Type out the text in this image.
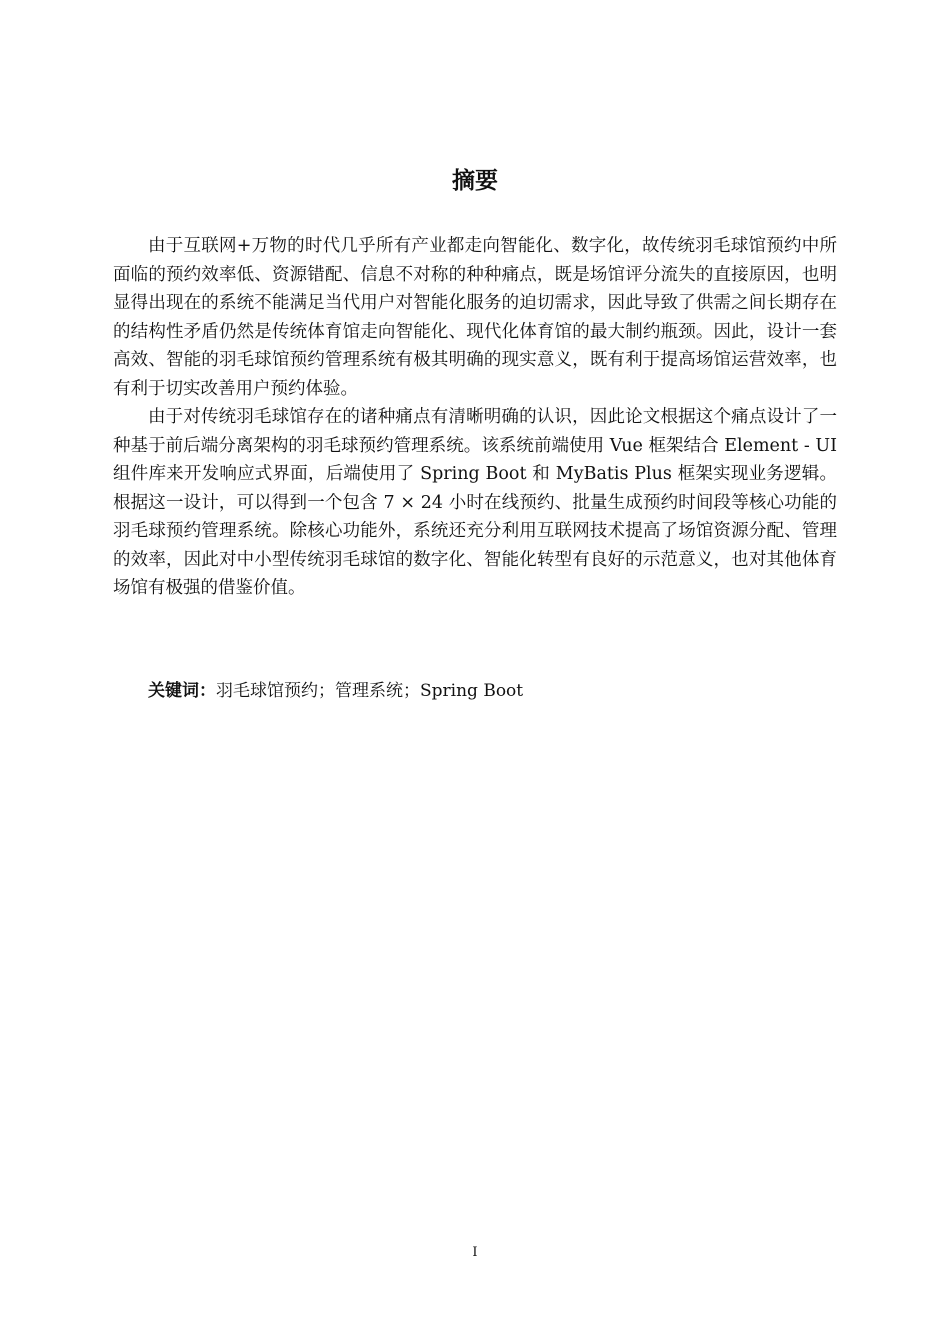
摘要

由于互联网+万物的时代几乎所有产业都走向智能化、数字化，故传统羽毛球馆预约中所面临的预约效率低、资源错配、信息不对称的种种痛点，既是场馆评分流失的直接原因，也明显得出现在的系统不能满足当代用户对智能化服务的迫切需求，因此导致了供需之间长期存在的结构性矛盾仍然是传统体育馆走向智能化、现代化体育馆的最大制约瓶颈。因此，设计一套高效、智能的羽毛球馆预约管理系统有极其明确的现实意义，既有利于提高场馆运营效率，也有利于切实改善用户预约体验。

由于对传统羽毛球馆存在的诸种痛点有清晰明确的认识，因此论文根据这个痛点设计了一种基于前后端分离架构的羽毛球预约管理系统。该系统前端使用 Vue 框架结合 Element - UI 组件库来开发响应式界面，后端使用了 Spring Boot 和 MyBatis Plus 框架实现业务逻辑。根据这一设计，可以得到一个包含 7 × 24 小时在线预约、批量生成预约时间段等核心功能的羽毛球预约管理系统。除核心功能外，系统还充分利用互联网技术提高了场馆资源分配、管理的效率，因此对中小型传统羽毛球馆的数字化、智能化转型有良好的示范意义，也对其他体育场馆有极强的借鉴价值。

关键词：羽毛球馆预约；管理系统；Spring Boot
I
